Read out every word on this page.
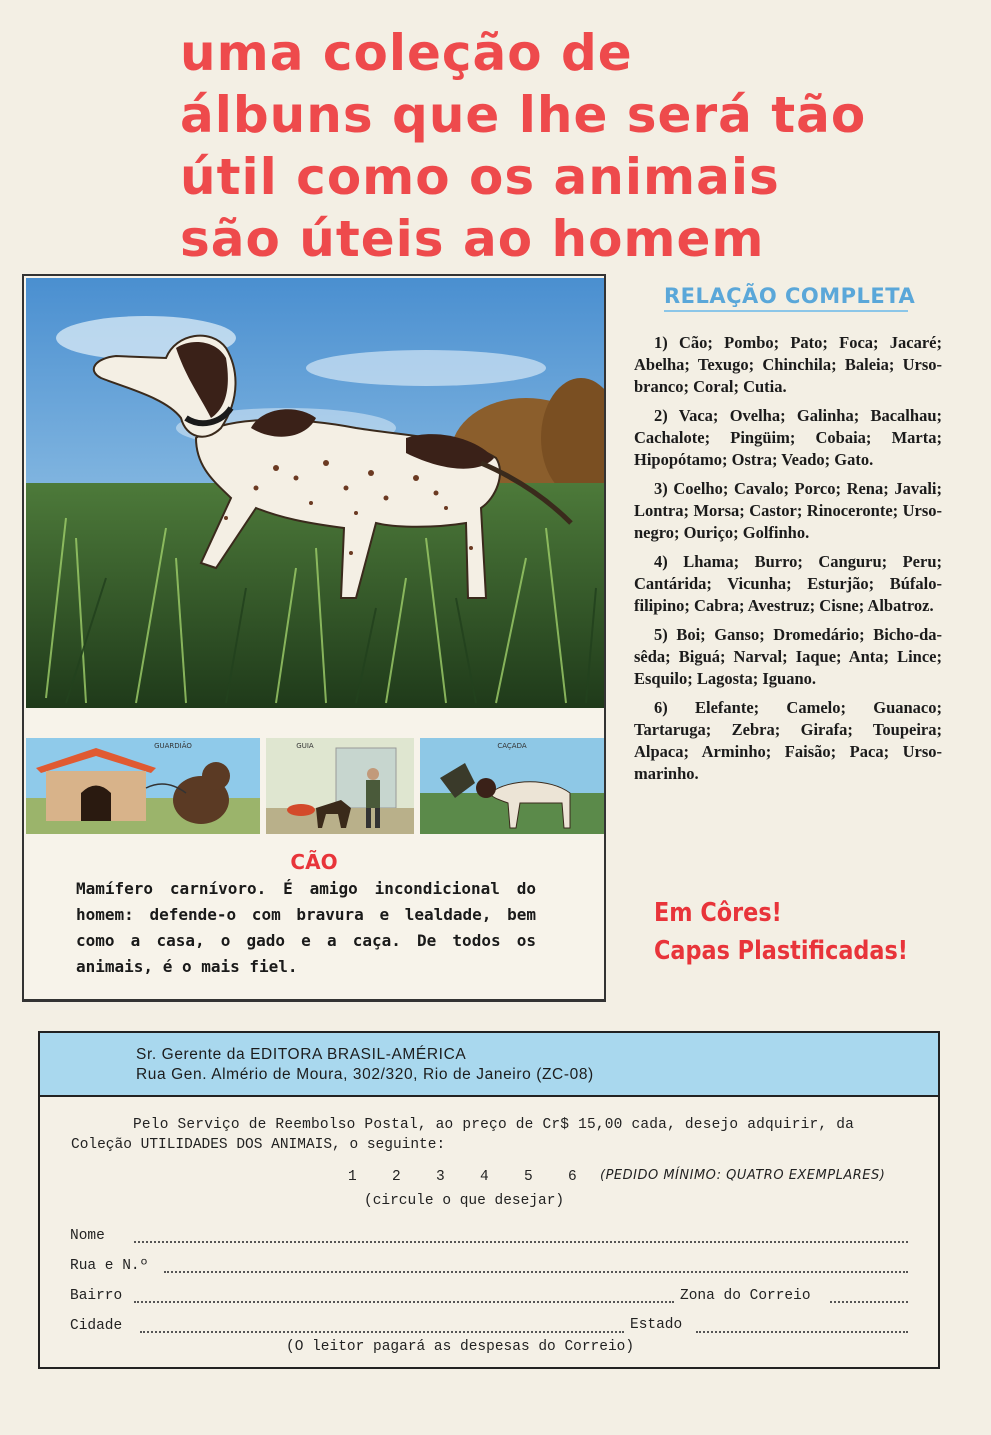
uma coleção de
álbuns que lhe será tão
útil como os animais
são úteis ao homem
GUARDIÃO	GUIA	CAÇADA
CÃO
Mamífero carnívoro. É amigo incondicional do homem: defende-o com bravura e lealdade, bem como a casa, o gado e a caça. De todos os animais, é o mais fiel.
RELAÇÃO COMPLETA

1) Cão; Pombo; Pato; Foca; Jacaré; Abelha; Texugo; Chinchila; Baleia; Urso-branco; Coral; Cutia.

2) Vaca; Ovelha; Galinha; Bacalhau; Cachalote; Pingüim; Cobaia; Marta; Hipopótamo; Ostra; Veado; Gato.

3) Coelho; Cavalo; Porco; Rena; Javali; Lontra; Morsa; Castor; Rinoceronte; Urso-negro; Ouriço; Golfinho.

4) Lhama; Burro; Canguru; Peru; Cantárida; Vicunha; Esturjão; Búfalo-filipino; Cabra; Avestruz; Cisne; Albatroz.

5) Boi; Ganso; Dromedário; Bicho-da-sêda; Biguá; Narval; Iaque; Anta; Lince; Esquilo; Lagosta; Iguano.

6) Elefante; Camelo; Guanaco; Tartaruga; Zebra; Girafa; Toupeira; Alpaca; Arminho; Faisão; Paca; Urso-marinho.

Em Côres!
Capas Plastificadas!
Sr. Gerente da EDITORA BRASIL-AMÉRICA
Rua Gen. Almério de Moura, 302/320, Rio de Janeiro (ZC-08)
Pelo Serviço de Reembolso Postal, ao preço de Cr$ 15,00 cada, desejo adquirir, da
Coleção UTILIDADES DOS ANIMAIS, o seguinte:
1 2 3 4 5 6 (PEDIDO MÍNIMO: QUATRO EXEMPLARES)
(circule o que desejar)
Nome
Rua e N.º
Bairro	Zona do Correio
Cidade	Estado
(O leitor pagará as despesas do Correio)
